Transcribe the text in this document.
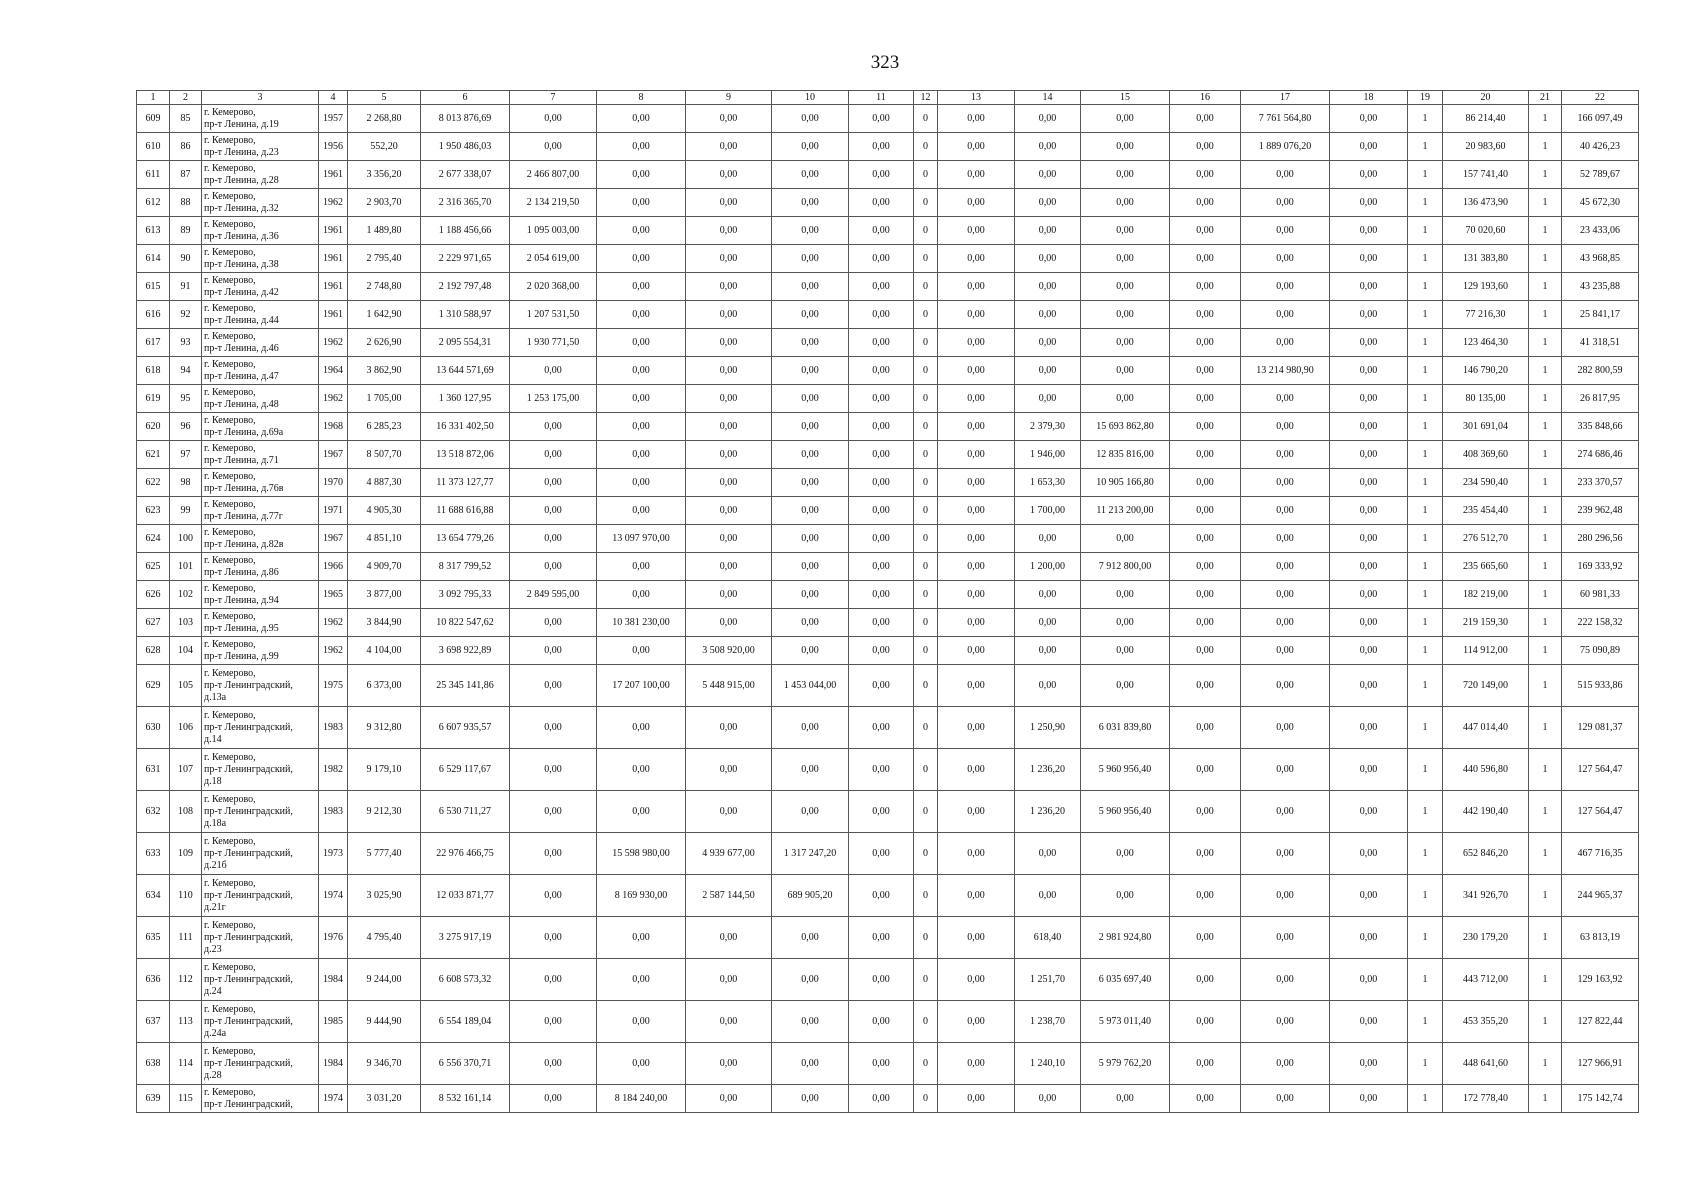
323
1	2	3	4	5	6	7	8	9	10	11	12	13	14	15	16	17	18	19	20	21	22
609	85	г. Кемерово,
пр-т Ленина, д.19	1957	2 268,80	8 013 876,69	0,00	0,00	0,00	0,00	0,00	0	0,00	0,00	0,00	0,00	7 761 564,80	0,00	1	86 214,40	1	166 097,49
610	86	г. Кемерово,
пр-т Ленина, д.23	1956	552,20	1 950 486,03	0,00	0,00	0,00	0,00	0,00	0	0,00	0,00	0,00	0,00	1 889 076,20	0,00	1	20 983,60	1	40 426,23
611	87	г. Кемерово,
пр-т Ленина, д.28	1961	3 356,20	2 677 338,07	2 466 807,00	0,00	0,00	0,00	0,00	0	0,00	0,00	0,00	0,00	0,00	0,00	1	157 741,40	1	52 789,67
612	88	г. Кемерово,
пр-т Ленина, д.32	1962	2 903,70	2 316 365,70	2 134 219,50	0,00	0,00	0,00	0,00	0	0,00	0,00	0,00	0,00	0,00	0,00	1	136 473,90	1	45 672,30
613	89	г. Кемерово,
пр-т Ленина, д.36	1961	1 489,80	1 188 456,66	1 095 003,00	0,00	0,00	0,00	0,00	0	0,00	0,00	0,00	0,00	0,00	0,00	1	70 020,60	1	23 433,06
614	90	г. Кемерово,
пр-т Ленина, д.38	1961	2 795,40	2 229 971,65	2 054 619,00	0,00	0,00	0,00	0,00	0	0,00	0,00	0,00	0,00	0,00	0,00	1	131 383,80	1	43 968,85
615	91	г. Кемерово,
пр-т Ленина, д.42	1961	2 748,80	2 192 797,48	2 020 368,00	0,00	0,00	0,00	0,00	0	0,00	0,00	0,00	0,00	0,00	0,00	1	129 193,60	1	43 235,88
616	92	г. Кемерово,
пр-т Ленина, д.44	1961	1 642,90	1 310 588,97	1 207 531,50	0,00	0,00	0,00	0,00	0	0,00	0,00	0,00	0,00	0,00	0,00	1	77 216,30	1	25 841,17
617	93	г. Кемерово,
пр-т Ленина, д.46	1962	2 626,90	2 095 554,31	1 930 771,50	0,00	0,00	0,00	0,00	0	0,00	0,00	0,00	0,00	0,00	0,00	1	123 464,30	1	41 318,51
618	94	г. Кемерово,
пр-т Ленина, д.47	1964	3 862,90	13 644 571,69	0,00	0,00	0,00	0,00	0,00	0	0,00	0,00	0,00	0,00	13 214 980,90	0,00	1	146 790,20	1	282 800,59
619	95	г. Кемерово,
пр-т Ленина, д.48	1962	1 705,00	1 360 127,95	1 253 175,00	0,00	0,00	0,00	0,00	0	0,00	0,00	0,00	0,00	0,00	0,00	1	80 135,00	1	26 817,95
620	96	г. Кемерово,
пр-т Ленина, д.69а	1968	6 285,23	16 331 402,50	0,00	0,00	0,00	0,00	0,00	0	0,00	2 379,30	15 693 862,80	0,00	0,00	0,00	1	301 691,04	1	335 848,66
621	97	г. Кемерово,
пр-т Ленина, д.71	1967	8 507,70	13 518 872,06	0,00	0,00	0,00	0,00	0,00	0	0,00	1 946,00	12 835 816,00	0,00	0,00	0,00	1	408 369,60	1	274 686,46
622	98	г. Кемерово,
пр-т Ленина, д.76в	1970	4 887,30	11 373 127,77	0,00	0,00	0,00	0,00	0,00	0	0,00	1 653,30	10 905 166,80	0,00	0,00	0,00	1	234 590,40	1	233 370,57
623	99	г. Кемерово,
пр-т Ленина, д.77г	1971	4 905,30	11 688 616,88	0,00	0,00	0,00	0,00	0,00	0	0,00	1 700,00	11 213 200,00	0,00	0,00	0,00	1	235 454,40	1	239 962,48
624	100	г. Кемерово,
пр-т Ленина, д.82в	1967	4 851,10	13 654 779,26	0,00	13 097 970,00	0,00	0,00	0,00	0	0,00	0,00	0,00	0,00	0,00	0,00	1	276 512,70	1	280 296,56
625	101	г. Кемерово,
пр-т Ленина, д.86	1966	4 909,70	8 317 799,52	0,00	0,00	0,00	0,00	0,00	0	0,00	1 200,00	7 912 800,00	0,00	0,00	0,00	1	235 665,60	1	169 333,92
626	102	г. Кемерово,
пр-т Ленина, д.94	1965	3 877,00	3 092 795,33	2 849 595,00	0,00	0,00	0,00	0,00	0	0,00	0,00	0,00	0,00	0,00	0,00	1	182 219,00	1	60 981,33
627	103	г. Кемерово,
пр-т Ленина, д.95	1962	3 844,90	10 822 547,62	0,00	10 381 230,00	0,00	0,00	0,00	0	0,00	0,00	0,00	0,00	0,00	0,00	1	219 159,30	1	222 158,32
628	104	г. Кемерово,
пр-т Ленина, д.99	1962	4 104,00	3 698 922,89	0,00	0,00	3 508 920,00	0,00	0,00	0	0,00	0,00	0,00	0,00	0,00	0,00	1	114 912,00	1	75 090,89
629	105	г. Кемерово,
пр-т Ленинградский,
д.13а	1975	6 373,00	25 345 141,86	0,00	17 207 100,00	5 448 915,00	1 453 044,00	0,00	0	0,00	0,00	0,00	0,00	0,00	0,00	1	720 149,00	1	515 933,86
630	106	г. Кемерово,
пр-т Ленинградский,
д.14	1983	9 312,80	6 607 935,57	0,00	0,00	0,00	0,00	0,00	0	0,00	1 250,90	6 031 839,80	0,00	0,00	0,00	1	447 014,40	1	129 081,37
631	107	г. Кемерово,
пр-т Ленинградский,
д.18	1982	9 179,10	6 529 117,67	0,00	0,00	0,00	0,00	0,00	0	0,00	1 236,20	5 960 956,40	0,00	0,00	0,00	1	440 596,80	1	127 564,47
632	108	г. Кемерово,
пр-т Ленинградский,
д.18а	1983	9 212,30	6 530 711,27	0,00	0,00	0,00	0,00	0,00	0	0,00	1 236,20	5 960 956,40	0,00	0,00	0,00	1	442 190,40	1	127 564,47
633	109	г. Кемерово,
пр-т Ленинградский,
д.21б	1973	5 777,40	22 976 466,75	0,00	15 598 980,00	4 939 677,00	1 317 247,20	0,00	0	0,00	0,00	0,00	0,00	0,00	0,00	1	652 846,20	1	467 716,35
634	110	г. Кемерово,
пр-т Ленинградский,
д.21г	1974	3 025,90	12 033 871,77	0,00	8 169 930,00	2 587 144,50	689 905,20	0,00	0	0,00	0,00	0,00	0,00	0,00	0,00	1	341 926,70	1	244 965,37
635	111	г. Кемерово,
пр-т Ленинградский,
д.23	1976	4 795,40	3 275 917,19	0,00	0,00	0,00	0,00	0,00	0	0,00	618,40	2 981 924,80	0,00	0,00	0,00	1	230 179,20	1	63 813,19
636	112	г. Кемерово,
пр-т Ленинградский,
д.24	1984	9 244,00	6 608 573,32	0,00	0,00	0,00	0,00	0,00	0	0,00	1 251,70	6 035 697,40	0,00	0,00	0,00	1	443 712,00	1	129 163,92
637	113	г. Кемерово,
пр-т Ленинградский,
д.24а	1985	9 444,90	6 554 189,04	0,00	0,00	0,00	0,00	0,00	0	0,00	1 238,70	5 973 011,40	0,00	0,00	0,00	1	453 355,20	1	127 822,44
638	114	г. Кемерово,
пр-т Ленинградский,
д.28	1984	9 346,70	6 556 370,71	0,00	0,00	0,00	0,00	0,00	0	0,00	1 240,10	5 979 762,20	0,00	0,00	0,00	1	448 641,60	1	127 966,91
639	115	г. Кемерово,
пр-т Ленинградский,	1974	3 031,20	8 532 161,14	0,00	8 184 240,00	0,00	0,00	0,00	0	0,00	0,00	0,00	0,00	0,00	0,00	1	172 778,40	1	175 142,74
